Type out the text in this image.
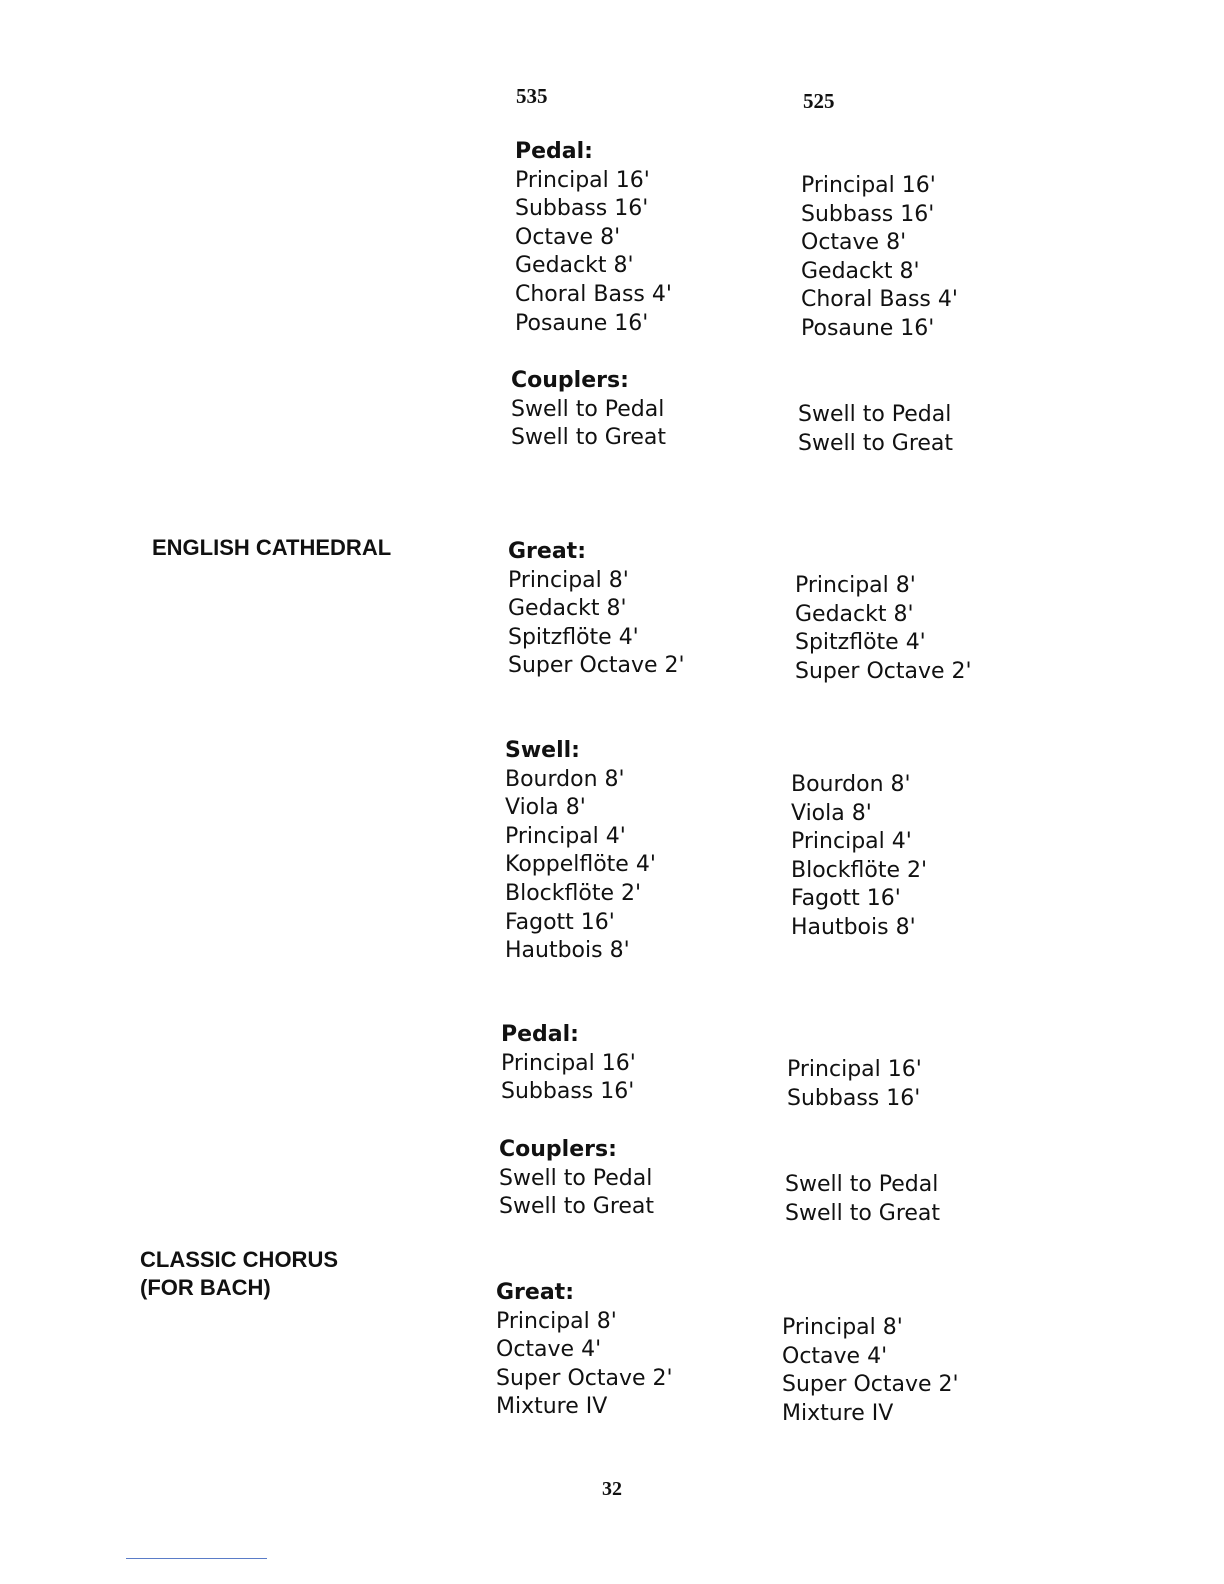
535	525
ENGLISH CATHEDRAL
CLASSIC CHORUS
(FOR BACH)
Pedal:
Principal 16'
Subbass 16'
Octave 8'
Gedackt 8'
Choral Bass 4'
Posaune 16'
Principal 16'
Subbass 16'
Octave 8'
Gedackt 8'
Choral Bass 4'
Posaune 16'
Couplers:
Swell to Pedal
Swell to Great
Swell to Pedal
Swell to Great
Great:
Principal 8'
Gedackt 8'
Spitzflöte 4'
Super Octave 2'
Principal 8'
Gedackt 8'
Spitzflöte 4'
Super Octave 2'
Swell:
Bourdon 8'
Viola 8'
Principal 4'
Koppelflöte 4'
Blockflöte 2'
Fagott 16'
Hautbois 8'
Bourdon 8'
Viola 8'
Principal 4'
Blockflöte 2'
Fagott 16'
Hautbois 8'
Pedal:
Principal 16'
Subbass 16'
Principal 16'
Subbass 16'
Couplers:
Swell to Pedal
Swell to Great
Swell to Pedal
Swell to Great
Great:
Principal 8'
Octave 4'
Super Octave 2'
Mixture IV
Principal 8'
Octave 4'
Super Octave 2'
Mixture IV
32
